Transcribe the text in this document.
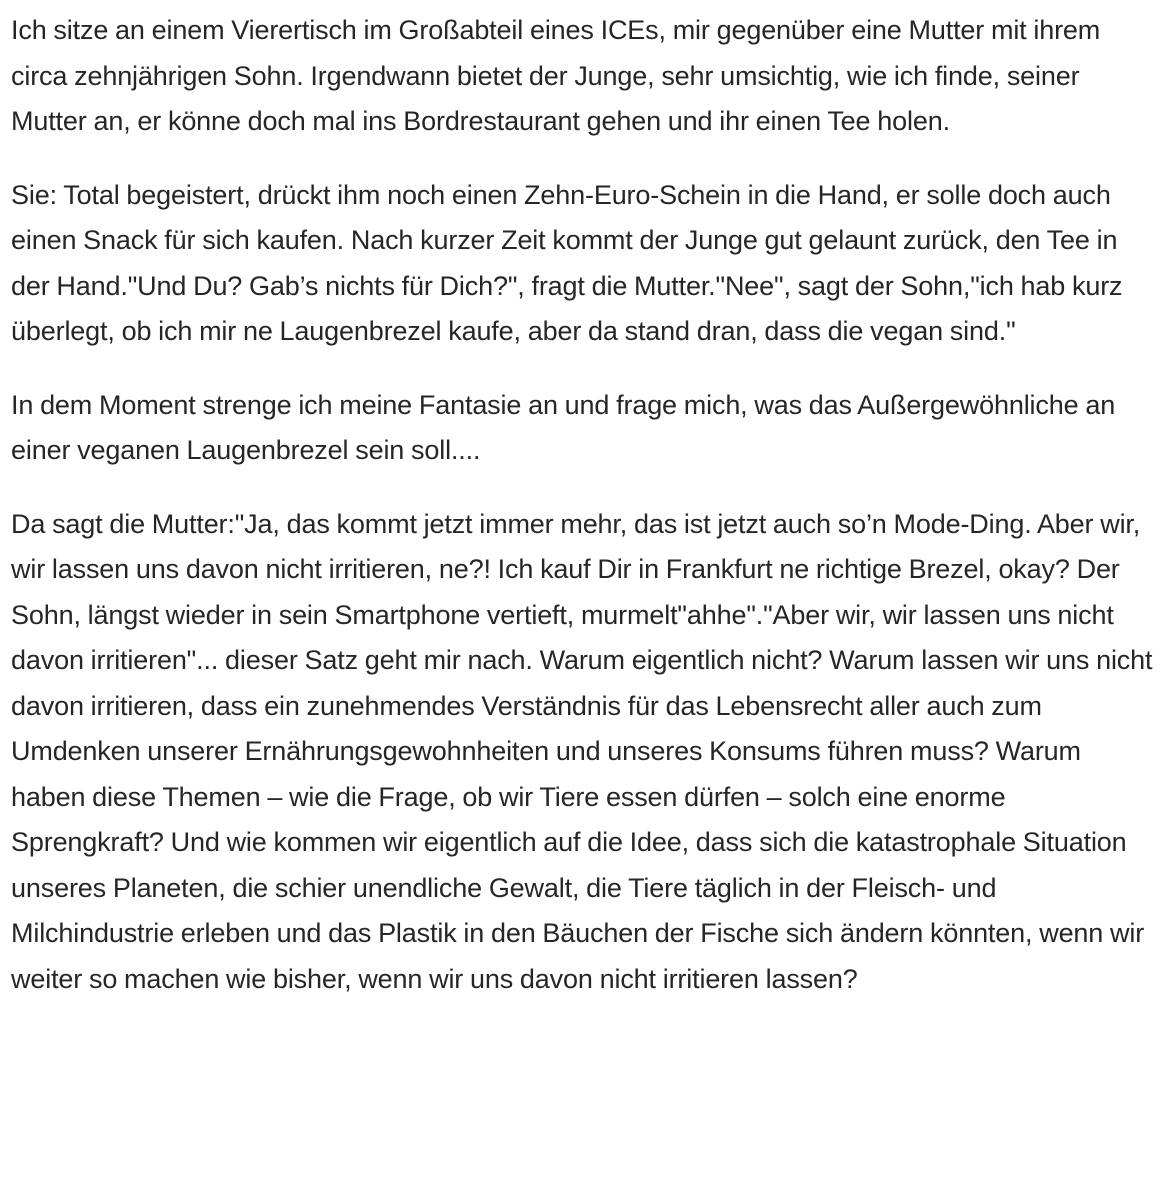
Ich sitze an einem Vierertisch im Großabteil eines ICEs, mir gegenüber eine Mutter mit ihrem circa zehnjährigen Sohn. Irgendwann bietet der Junge, sehr umsichtig, wie ich finde, seiner Mutter an, er könne doch mal ins Bordrestaurant gehen und ihr einen Tee holen.

Sie: Total begeistert, drückt ihm noch einen Zehn-Euro-Schein in die Hand, er solle doch auch einen Snack für sich kaufen. Nach kurzer Zeit kommt der Junge gut gelaunt zurück, den Tee in der Hand."Und Du? Gab’s nichts für Dich?", fragt die Mutter."Nee", sagt der Sohn,"ich hab kurz überlegt, ob ich mir ne Laugenbrezel kaufe, aber da stand dran, dass die vegan sind."

In dem Moment strenge ich meine Fantasie an und frage mich, was das Außergewöhnliche an einer veganen Laugenbrezel sein soll....

Da sagt die Mutter:"Ja, das kommt jetzt immer mehr, das ist jetzt auch so’n Mode-Ding. Aber wir, wir lassen uns davon nicht irritieren, ne?! Ich kauf Dir in Frankfurt ne richtige Brezel, okay? Der Sohn, längst wieder in sein Smartphone vertieft, murmelt"ahhe"."Aber wir, wir lassen uns nicht davon irritieren"... dieser Satz geht mir nach. Warum eigentlich nicht? Warum lassen wir uns nicht davon irritieren, dass ein zunehmendes Verständnis für das Lebensrecht aller auch zum Umdenken unserer Ernährungsgewohnheiten und unseres Konsums führen muss? Warum haben diese Themen – wie die Frage, ob wir Tiere essen dürfen – solch eine enorme Sprengkraft? Und wie kommen wir eigentlich auf die Idee, dass sich die katastrophale Situation unseres Planeten, die schier unendliche Gewalt, die Tiere täglich in der Fleisch- und Milchindustrie erleben und das Plastik in den Bäuchen der Fische sich ändern könnten, wenn wir weiter so machen wie bisher, wenn wir uns davon nicht irritieren lassen?
